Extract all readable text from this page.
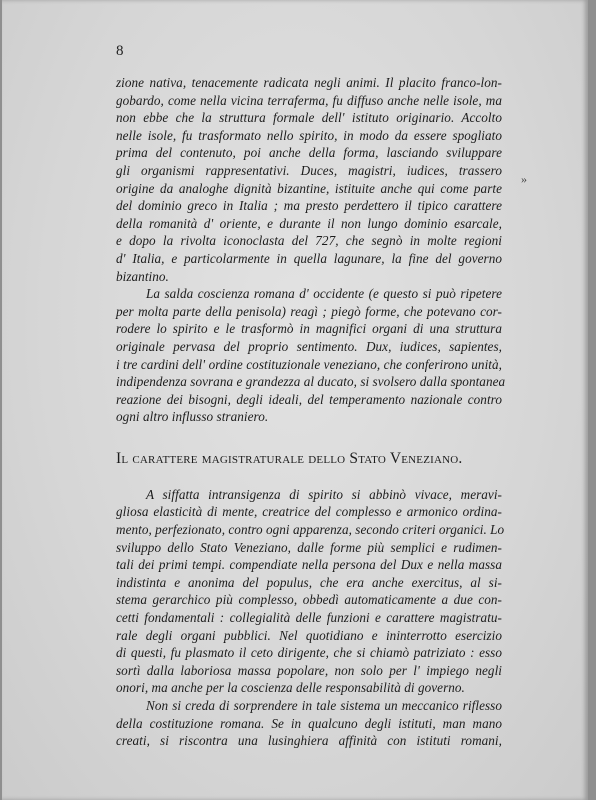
8
»
zione nativa, tenacemente radicata negli animi. Il placito franco-lon-
gobardo, come nella vicina terraferma, fu diffuso anche nelle isole, ma
non ebbe che la struttura formale dell' istituto originario. Accolto
nelle isole, fu trasformato nello spirito, in modo da essere spogliato
prima del contenuto, poi anche della forma, lasciando sviluppare
gli organismi rappresentativi. Duces, magistri, iudices, trassero
origine da analoghe dignità bizantine, istituite anche qui come parte
del dominio greco in Italia ; ma presto perdettero il tipico carattere
della romanità d' oriente, e durante il non lungo dominio esarcale,
e dopo la rivolta iconoclasta del 727, che segnò in molte regioni
d' Italia, e particolarmente in quella lagunare, la fine del governo
bizantino.
La salda coscienza romana d' occidente (e questo si può ripetere
per molta parte della penisola) reagì ; piegò forme, che potevano cor-
rodere lo spirito e le trasformò in magnifici organi di una struttura
originale pervasa del proprio sentimento. Dux, iudices, sapientes,
i tre cardini dell' ordine costituzionale veneziano, che conferirono unità,
indipendenza sovrana e grandezza al ducato, si svolsero dalla spontanea
reazione dei bisogni, degli ideali, del temperamento nazionale contro
ogni altro influsso straniero.
Il carattere magistraturale dello Stato Veneziano.
A siffatta intransigenza di spirito si abbinò vivace, meravi-
gliosa elasticità di mente, creatrice del complesso e armonico ordina-
mento, perfezionato, contro ogni apparenza, secondo criteri organici. Lo
sviluppo dello Stato Veneziano, dalle forme più semplici e rudimen-
tali dei primi tempi. compendiate nella persona del Dux e nella massa
indistinta e anonima del populus, che era anche exercitus, al si-
stema gerarchico più complesso, obbedì automaticamente a due con-
cetti fondamentali : collegialità delle funzioni e carattere magistratu-
rale degli organi pubblici. Nel quotidiano e ininterrotto esercizio
di questi, fu plasmato il ceto dirigente, che si chiamò patriziato : esso
sortì dalla laboriosa massa popolare, non solo per l' impiego negli
onori, ma anche per la coscienza delle responsabilità di governo.
Non si creda di sorprendere in tale sistema un meccanico riflesso
della costituzione romana. Se in qualcuno degli istituti, man mano
creati, si riscontra una lusinghiera affinità con istituti romani,
